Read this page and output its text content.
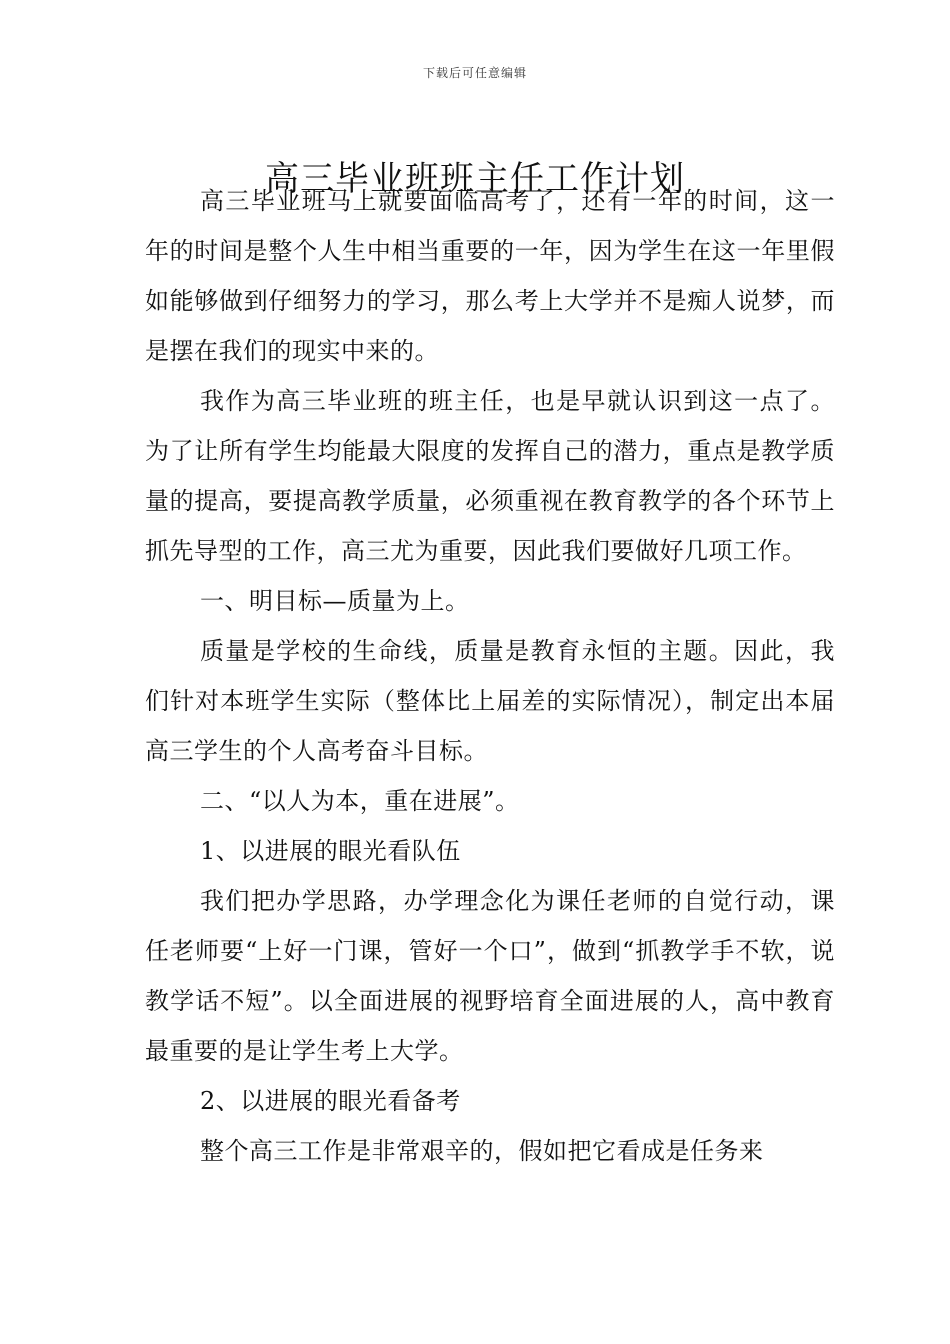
下载后可任意编辑
高三毕业班班主任工作计划

高三毕业班马上就要面临高考了，还有一年的时间，这一年的时间是整个人生中相当重要的一年，因为学生在这一年里假如能够做到仔细努力的学习，那么考上大学并不是痴人说梦，而是摆在我们的现实中来的。

我作为高三毕业班的班主任，也是早就认识到这一点了。为了让所有学生均能最大限度的发挥自己的潜力，重点是教学质量的提高，要提高教学质量，必须重视在教育教学的各个环节上抓先导型的工作，高三尤为重要，因此我们要做好几项工作。

一、明目标—质量为上。

质量是学校的生命线，质量是教育永恒的主题。因此，我们针对本班学生实际（整体比上届差的实际情况），制定出本届高三学生的个人高考奋斗目标。

二、“以人为本，重在进展”。

1、以进展的眼光看队伍

我们把办学思路，办学理念化为课任老师的自觉行动，课任老师要“上好一门课，管好一个口”，做到“抓教学手不软，说教学话不短”。以全面进展的视野培育全面进展的人，高中教育最重要的是让学生考上大学。

2、以进展的眼光看备考

整个高三工作是非常艰辛的，假如把它看成是任务来
